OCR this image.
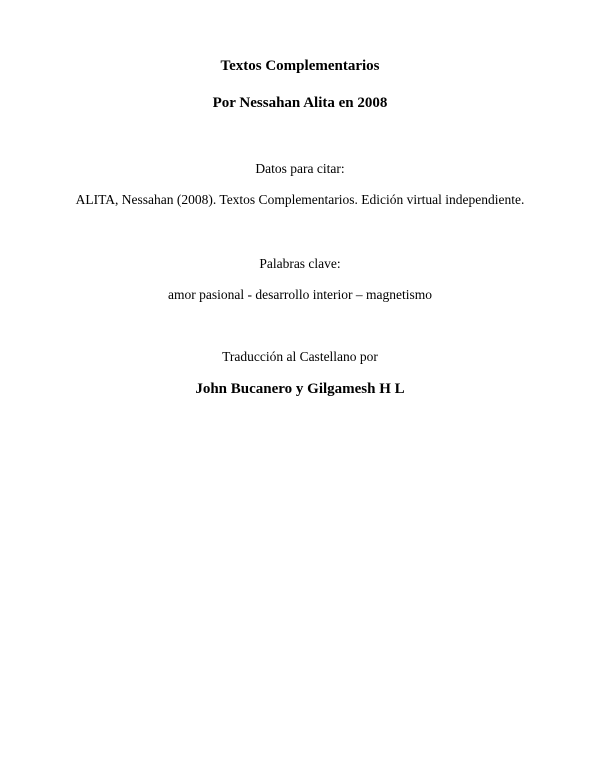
Textos Complementarios
Por Nessahan Alita en 2008
Datos para citar:
ALITA, Nessahan (2008). Textos Complementarios. Edición virtual independiente.
Palabras clave:
amor pasional - desarrollo interior – magnetismo
Traducción al Castellano por
John Bucanero y Gilgamesh H L
